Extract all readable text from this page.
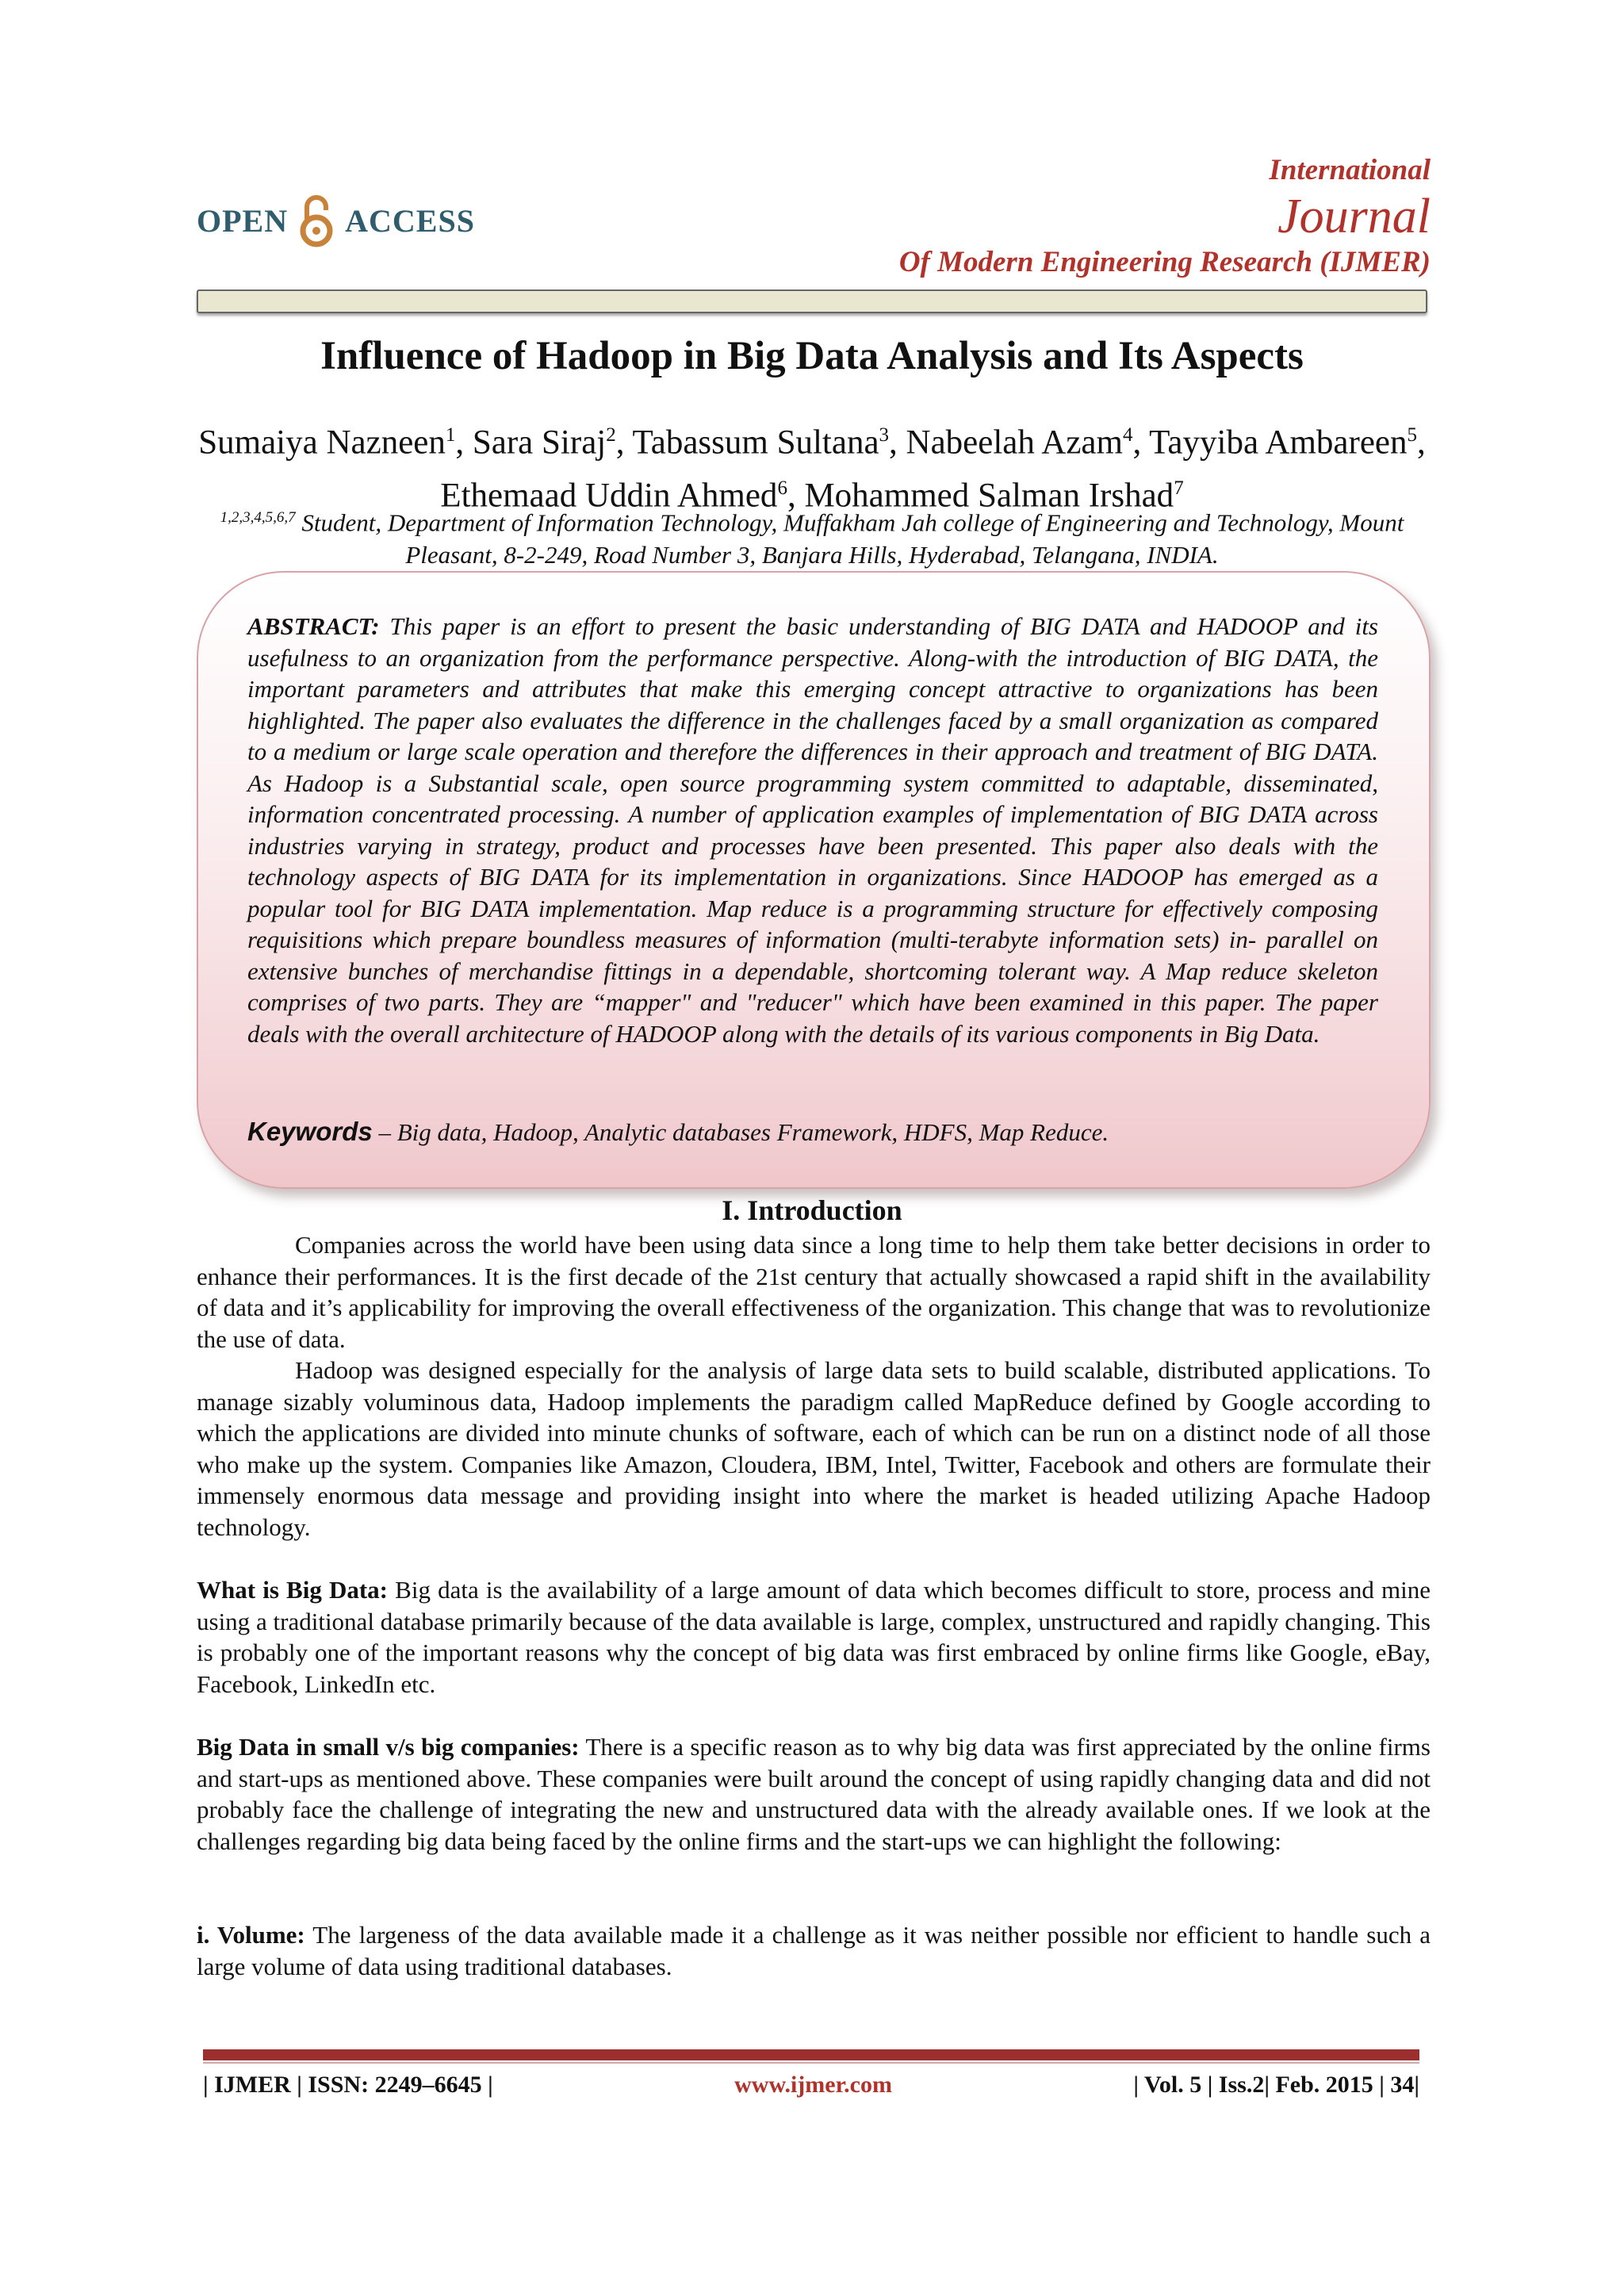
OPEN ACCESS
International
Journal
Of Modern Engineering Research (IJMER)
Influence of Hadoop in Big Data Analysis and Its Aspects
Sumaiya Nazneen$^1$, Sara Siraj$^2$, Tabassum Sultana$^3$, Nabeelah Azam$^4$, Tayyiba Ambareen$^5$, Ethemaad Uddin Ahmed$^6$, Mohammed Salman Irshad$^7$
$^{1,2,3,4,5,6,7}$ Student, Department of Information Technology, Muffakham Jah college of Engineering and Technology, Mount Pleasant, 8-2-249, Road Number 3, Banjara Hills, Hyderabad, Telangana, INDIA.
ABSTRACT: This paper is an effort to present the basic understanding of BIG DATA and HADOOP and its usefulness to an organization from the performance perspective. Along-with the introduction of BIG DATA, the important parameters and attributes that make this emerging concept attractive to organizations has been highlighted. The paper also evaluates the difference in the challenges faced by a small organization as compared to a medium or large scale operation and therefore the differences in their approach and treatment of BIG DATA. As Hadoop is a Substantial scale, open source programming system committed to adaptable, disseminated, information concentrated processing. A number of application examples of implementation of BIG DATA across industries varying in strategy, product and processes have been presented. This paper also deals with the technology aspects of BIG DATA for its implementation in organizations. Since HADOOP has emerged as a popular tool for BIG DATA implementation. Map reduce is a programming structure for effectively composing requisitions which prepare boundless measures of information (multi-terabyte information sets) in- parallel on extensive bunches of merchandise fittings in a dependable, shortcoming tolerant way. A Map reduce skeleton comprises of two parts. They are “mapper" and "reducer" which have been examined in this paper. The paper deals with the overall architecture of HADOOP along with the details of its various components in Big Data.
Keywords – Big data, Hadoop, Analytic databases Framework, HDFS, Map Reduce.
I. Introduction
Companies across the world have been using data since a long time to help them take better decisions in order to enhance their performances. It is the first decade of the 21st century that actually showcased a rapid shift in the availability of data and it’s applicability for improving the overall effectiveness of the organization. This change that was to revolutionize the use of data.
Hadoop was designed especially for the analysis of large data sets to build scalable, distributed applications. To manage sizably voluminous data, Hadoop implements the paradigm called MapReduce defined by Google according to which the applications are divided into minute chunks of software, each of which can be run on a distinct node of all those who make up the system. Companies like Amazon, Cloudera, IBM, Intel, Twitter, Facebook and others are formulate their immensely enormous data message and providing insight into where the market is headed utilizing Apache Hadoop technology.
What is Big Data: Big data is the availability of a large amount of data which becomes difficult to store, process and mine using a traditional database primarily because of the data available is large, complex, unstructured and rapidly changing. This is probably one of the important reasons why the concept of big data was first embraced by online firms like Google, eBay, Facebook, LinkedIn etc.
Big Data in small v/s big companies: There is a specific reason as to why big data was first appreciated by the online firms and start-ups as mentioned above. These companies were built around the concept of using rapidly changing data and did not probably face the challenge of integrating the new and unstructured data with the already available ones. If we look at the challenges regarding big data being faced by the online firms and the start-ups we can highlight the following:
i. Volume: The largeness of the data available made it a challenge as it was neither possible nor efficient to handle such a large volume of data using traditional databases.
| IJMER | ISSN: 2249–6645 |	www.ijmer.com	| Vol. 5 | Iss.2| Feb. 2015 | 34|
